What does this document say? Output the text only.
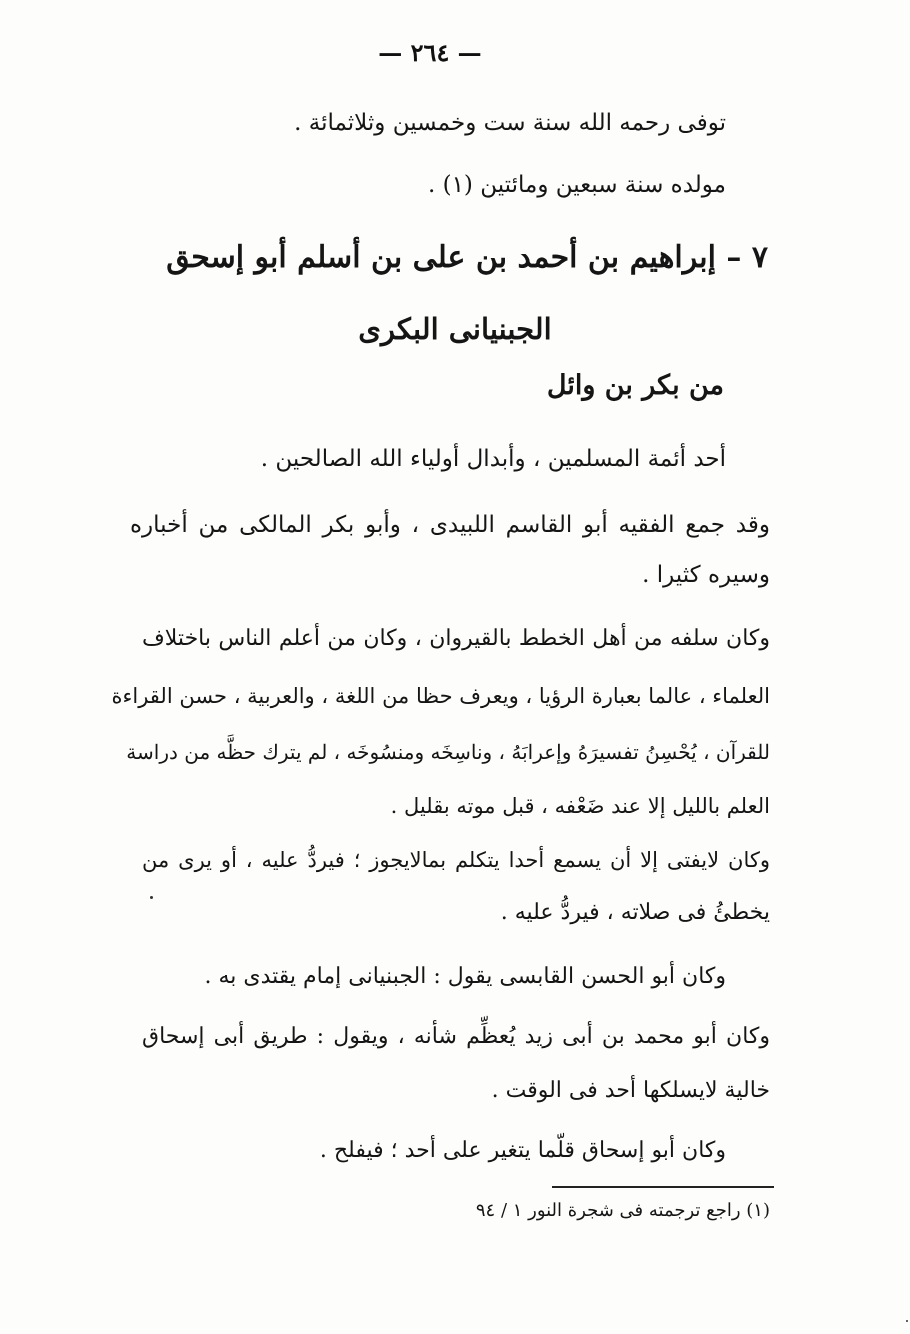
— ٢٦٤ —
توفى رحمه الله سنة ست وخمسين وثلاثمائة .
مولده سنة سبعين ومائتين (١) .
٧ – إبراهيم بن أحمد بن على بن أسلم أبو إسحق
الجبنيانى البكرى
من بكر بن وائل
أحد أئمة المسلمين ، وأبدال أولياء الله الصالحين .
وقد جمع الفقيه أبو القاسم اللبيدى ، وأبو بكر المالكى من أخباره
وسيره كثيرا .
وكان سلفه من أهل الخطط بالقيروان ، وكان من أعلم الناس باختلاف
العلماء ، عالما بعبارة الرؤيا ، ويعرف حظا من اللغة ، والعربية ، حسن القراءة
للقرآن ، يُحْسِنُ تفسيرَهُ وإعرابَهُ ، وناسِخَه ومنسُوخَه ، لم يترك حظَّه من دراسة
العلم بالليل إلا عند ضَعْفه ، قبل موته بقليل .
وكان لايفتى إلا أن يسمع أحدا يتكلم بمالايجوز ؛ فيردُّ عليه ، أو يرى من
يخطئُ فى صلاته ، فيردُّ عليه .
وكان أبو الحسن القابسى يقول : الجبنيانى إمام يقتدى به .
وكان أبو محمد بن أبى زيد يُعظِّم شأنه ، ويقول : طريق أبى إسحاق
خالية لايسلكها أحد فى الوقت .
وكان أبو إسحاق قلّما يتغير على أحد ؛ فيفلح .
(١) راجع ترجمته فى شجرة النور ١ / ٩٤
